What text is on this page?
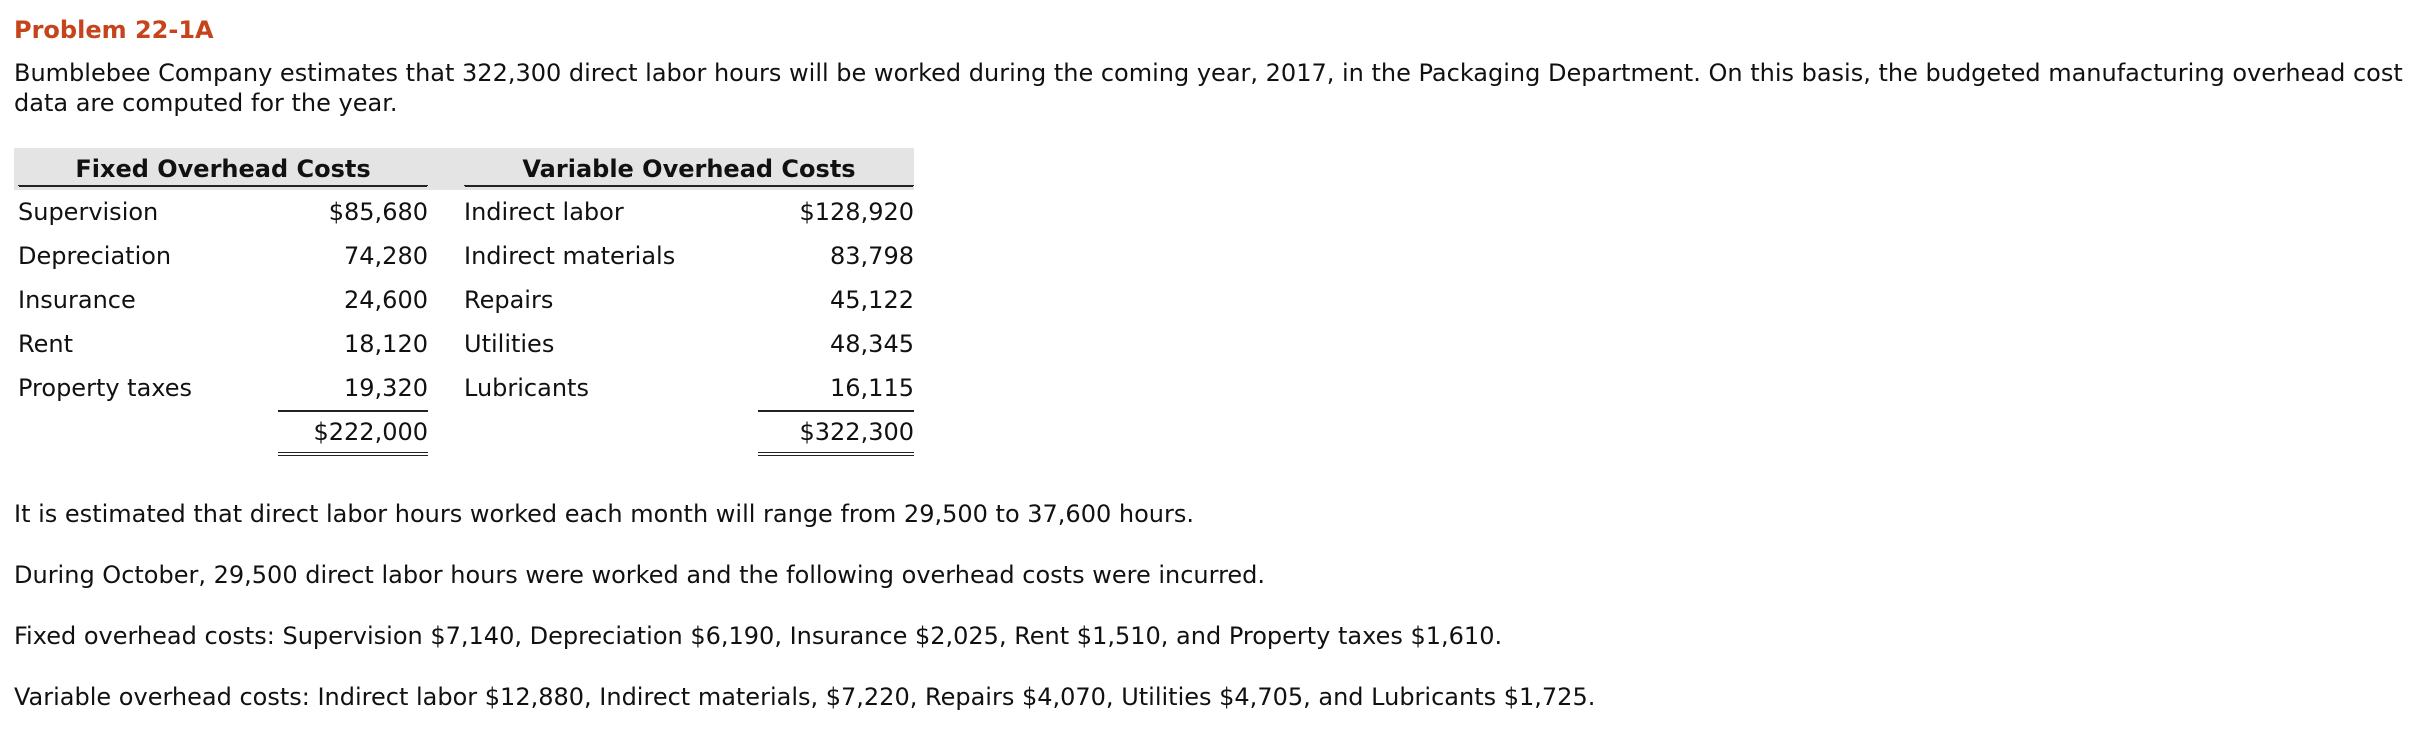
Problem 22-1A

Bumblebee Company estimates that 322,300 direct labor hours will be worked during the coming year, 2017, in the Packaging Department. On this basis, the budgeted manufacturing overhead cost data are computed for the year.

Fixed Overhead Costs			Variable Overhead Costs	

Supervision	$85,680		Indirect labor	$128,920
Depreciation	74,280		Indirect materials	83,798
Insurance	24,600		Repairs	45,122
Rent	18,120		Utilities	48,345
Property taxes	19,320		Lubricants	16,115
	$222,000			$322,300

It is estimated that direct labor hours worked each month will range from 29,500 to 37,600 hours.

During October, 29,500 direct labor hours were worked and the following overhead costs were incurred.

Fixed overhead costs: Supervision $7,140, Depreciation $6,190, Insurance $2,025, Rent $1,510, and Property taxes $1,610.

Variable overhead costs: Indirect labor $12,880, Indirect materials, $7,220, Repairs $4,070, Utilities $4,705, and Lubricants $1,725.
